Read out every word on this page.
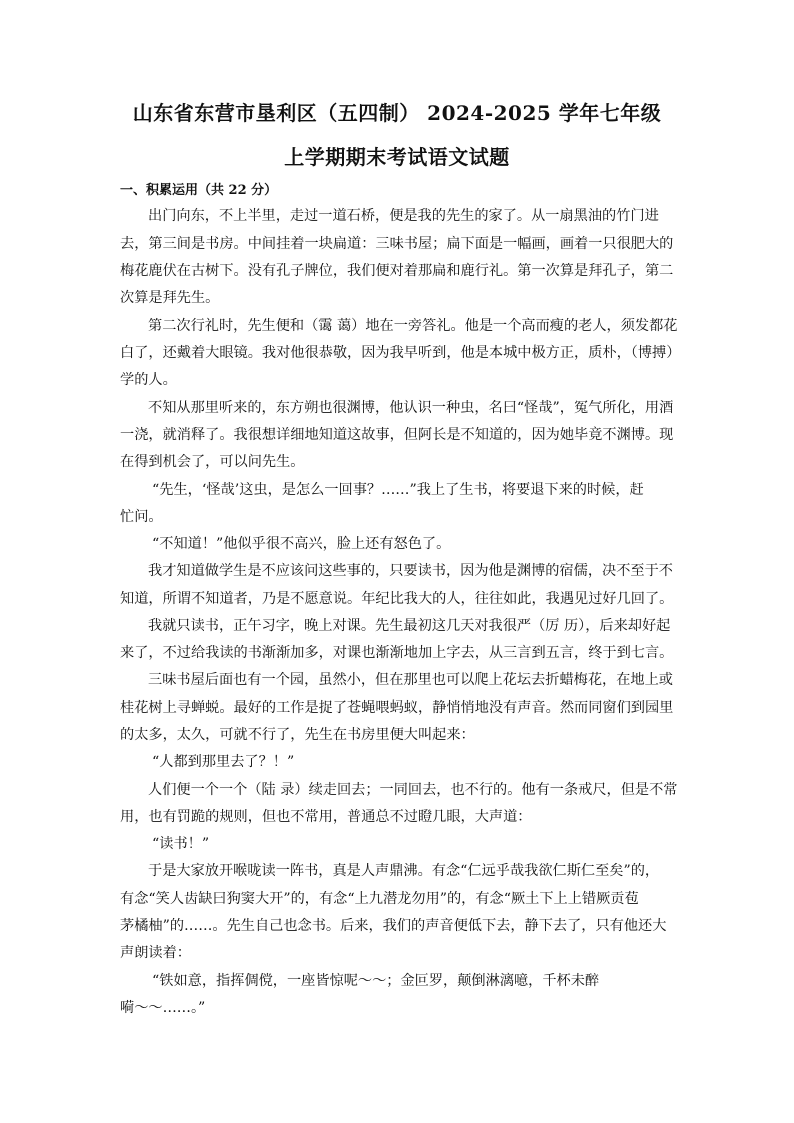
山东省东营市垦利区（五四制） 2024-2025 学年七年级
上学期期末考试语文试题
一、积累运用（共 22 分）
出门向东，不上半里，走过一道石桥，便是我的先生的家了。从一扇黑油的竹门进
去，第三间是书房。中间挂着一块扁道：三味书屋；扁下面是一幅画，画着一只很肥大的
梅花鹿伏在古树下。没有孔子牌位，我们便对着那扁和鹿行礼。第一次算是拜孔子，第二
次算是拜先生。
第二次行礼时，先生便和（霭 蔼）地在一旁答礼。他是一个高而瘦的老人，须发都花
白了，还戴着大眼镜。我对他很恭敬，因为我早听到，他是本城中极方正，质朴，（博搏）
学的人。
不知从那里听来的，东方朔也很渊博，他认识一种虫，名曰“怪哉”，冤气所化，用酒
一浇，就消释了。我很想详细地知道这故事，但阿长是不知道的，因为她毕竟不渊博。现
在得到机会了，可以问先生。
“先生，‘怪哉’这虫，是怎么一回事？……”我上了生书，将要退下来的时候，赶
忙问。
“不知道！”他似乎很不高兴，脸上还有怒色了。
我才知道做学生是不应该问这些事的，只要读书，因为他是渊博的宿儒，决不至于不
知道，所谓不知道者，乃是不愿意说。年纪比我大的人，往往如此，我遇见过好几回了。
我就只读书，正午习字，晚上对课。先生最初这几天对我很严（厉 历），后来却好起
来了，不过给我读的书渐渐加多，对课也渐渐地加上字去，从三言到五言，终于到七言。
三味书屋后面也有一个园，虽然小，但在那里也可以爬上花坛去折蜡梅花，在地上或
桂花树上寻蝉蜕。最好的工作是捉了苍蝇喂蚂蚁，静悄悄地没有声音。然而同窗们到园里
的太多，太久，可就不行了，先生在书房里便大叫起来：
“人都到那里去了？！”
人们便一个一个（陆 录）续走回去；一同回去，也不行的。他有一条戒尺，但是不常
用，也有罚跪的规则，但也不常用，普通总不过瞪几眼，大声道：
“读书！”
于是大家放开喉咙读一阵书，真是人声鼎沸。有念“仁远乎哉我欲仁斯仁至矣”的，
有念“笑人齿缺曰狗窦大开”的，有念“上九潜龙勿用”的，有念“厥土下上上错厥贡苞
茅橘柚”的……。先生自己也念书。后来，我们的声音便低下去，静下去了，只有他还大
声朗读着：
“铁如意，指挥倜傥，一座皆惊呢～～；金叵罗，颠倒淋漓噫，千杯未醉
嗬～～……。”
